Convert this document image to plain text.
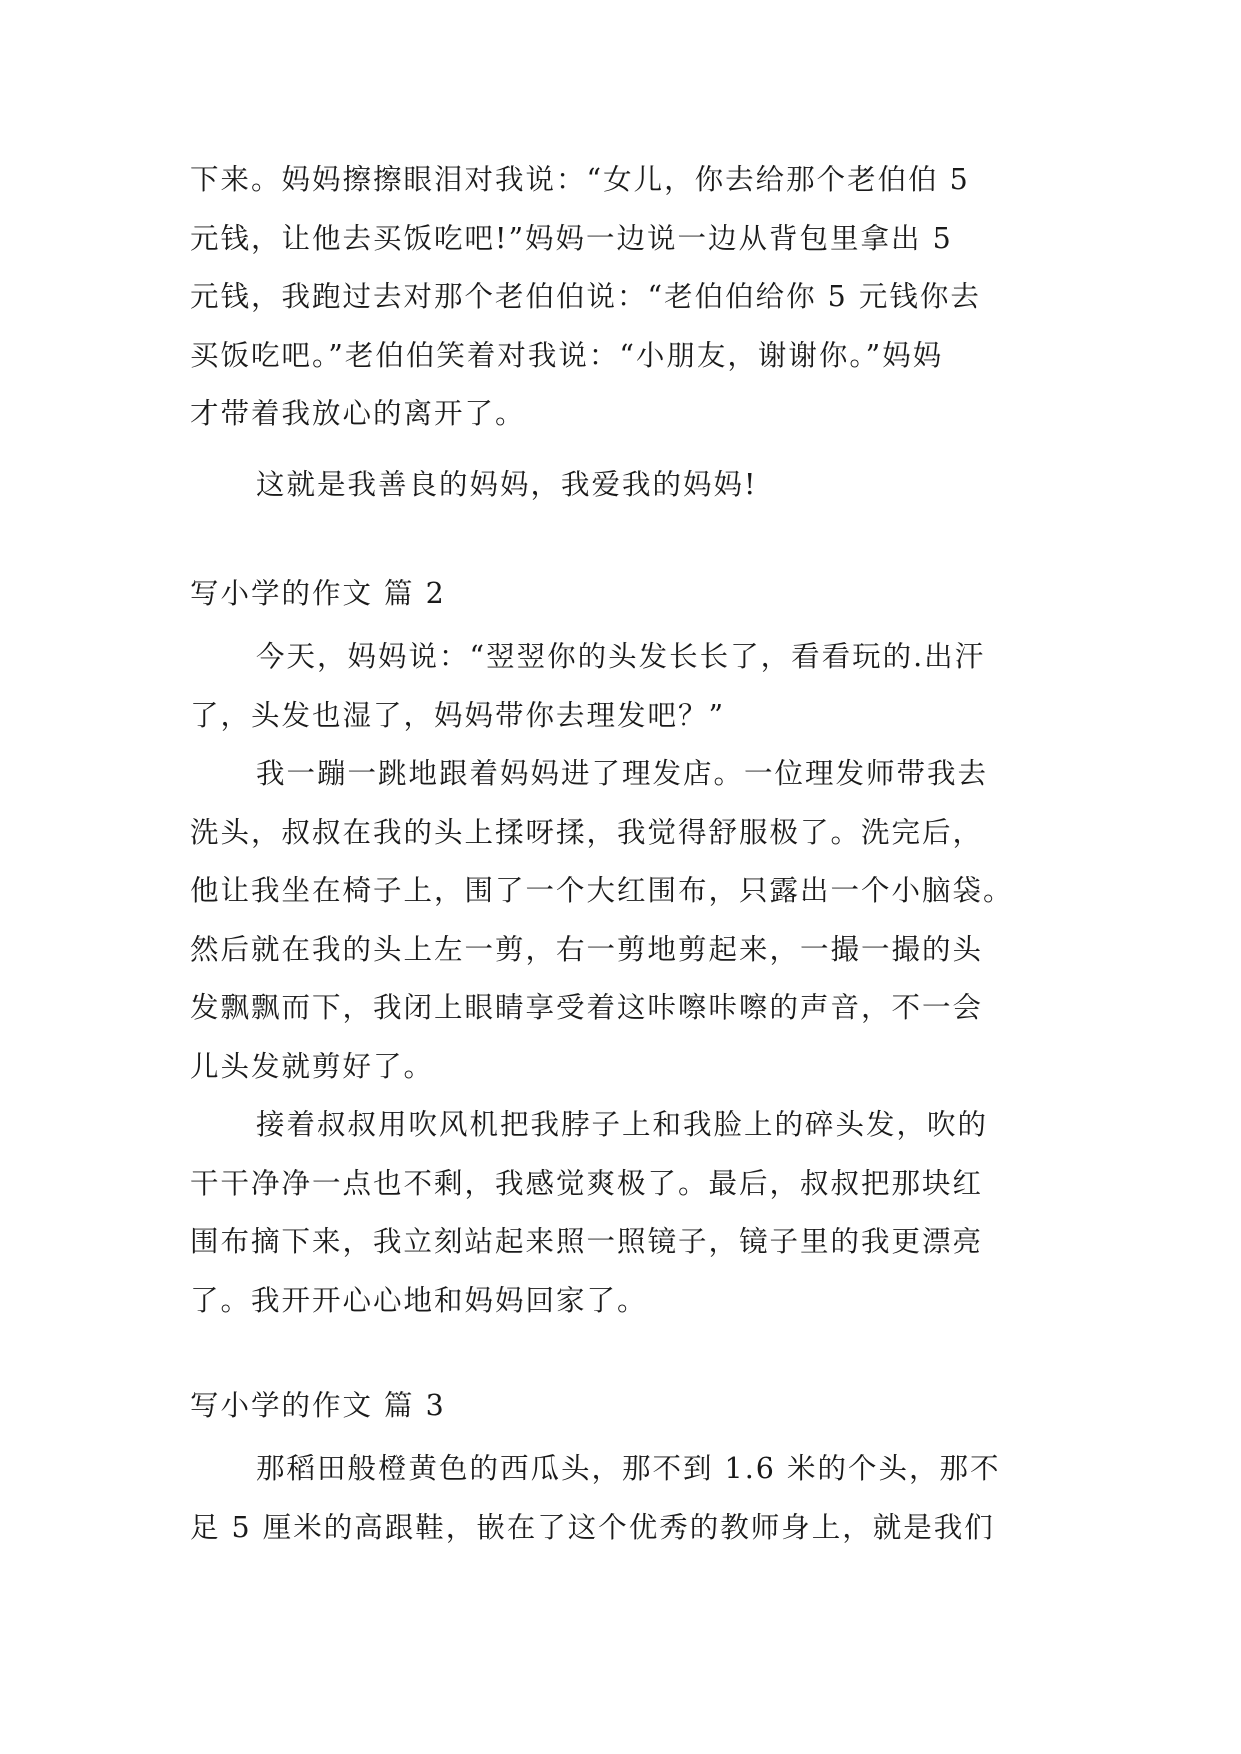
下来。妈妈擦擦眼泪对我说：“女儿，你去给那个老伯伯 5
元钱，让他去买饭吃吧!”妈妈一边说一边从背包里拿出 5
元钱，我跑过去对那个老伯伯说：“老伯伯给你 5 元钱你去
买饭吃吧。”老伯伯笑着对我说：“小朋友，谢谢你。”妈妈
才带着我放心的离开了。
这就是我善良的妈妈，我爱我的妈妈!
写小学的作文 篇 2
今天，妈妈说：“翌翌你的头发长长了，看看玩的.出汗
了，头发也湿了，妈妈带你去理发吧？”
我一蹦一跳地跟着妈妈进了理发店。一位理发师带我去
洗头，叔叔在我的头上揉呀揉，我觉得舒服极了。洗完后，
他让我坐在椅子上，围了一个大红围布，只露出一个小脑袋。
然后就在我的头上左一剪，右一剪地剪起来，一撮一撮的头
发飘飘而下，我闭上眼睛享受着这咔嚓咔嚓的声音，不一会
儿头发就剪好了。
接着叔叔用吹风机把我脖子上和我脸上的碎头发，吹的
干干净净一点也不剩，我感觉爽极了。最后，叔叔把那块红
围布摘下来，我立刻站起来照一照镜子，镜子里的我更漂亮
了。我开开心心地和妈妈回家了。
写小学的作文 篇 3
那稻田般橙黄色的西瓜头，那不到 1.6 米的个头，那不
足 5 厘米的高跟鞋，嵌在了这个优秀的教师身上，就是我们
